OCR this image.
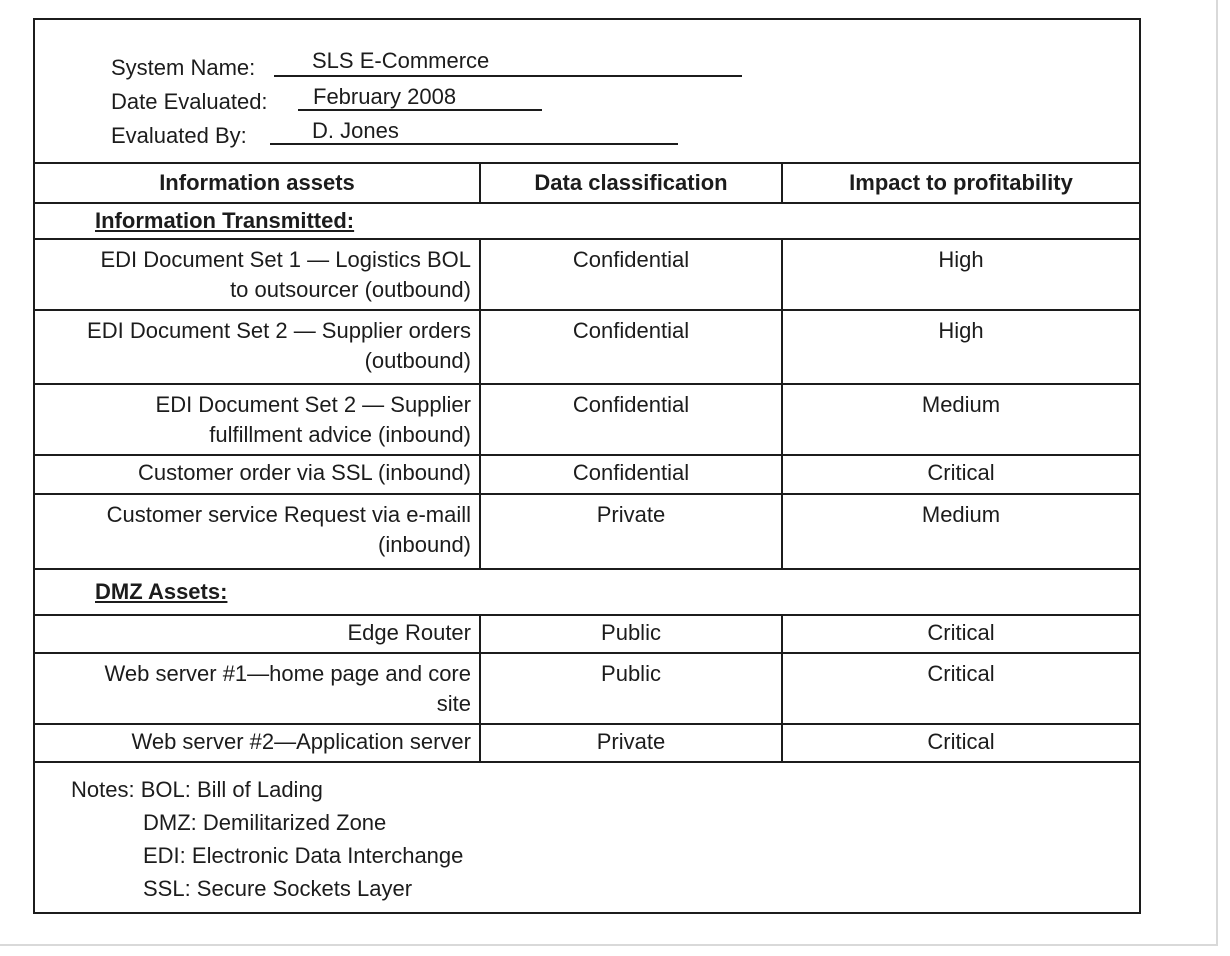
System Name:	SLS E-Commerce
Date Evaluated: February 2008
Evaluated By:	D. Jones
Information assets	Data classification	Impact to profitability
Information Transmitted:		

EDI Document Set 1 — Logistics BOL
to outsourcer (outbound)	Confidential	High

EDI Document Set 2 — Supplier orders
(outbound)	Confidential	High

EDI Document Set 2 — Supplier
fulfillment advice (inbound)	Confidential	Medium

Customer order via SSL (inbound)	Confidential	Critical

Customer service Request via e-maill
(inbound)	Private	Medium
DMZ Assets:		

Edge Router	Public	Critical

Web server #1—home page and core
site	Public	Critical

Web server #2—Application server	Private	Critical

Notes: BOL: Bill of Lading
DMZ: Demilitarized Zone
EDI: Electronic Data Interchange
SSL: Secure Sockets Layer		
